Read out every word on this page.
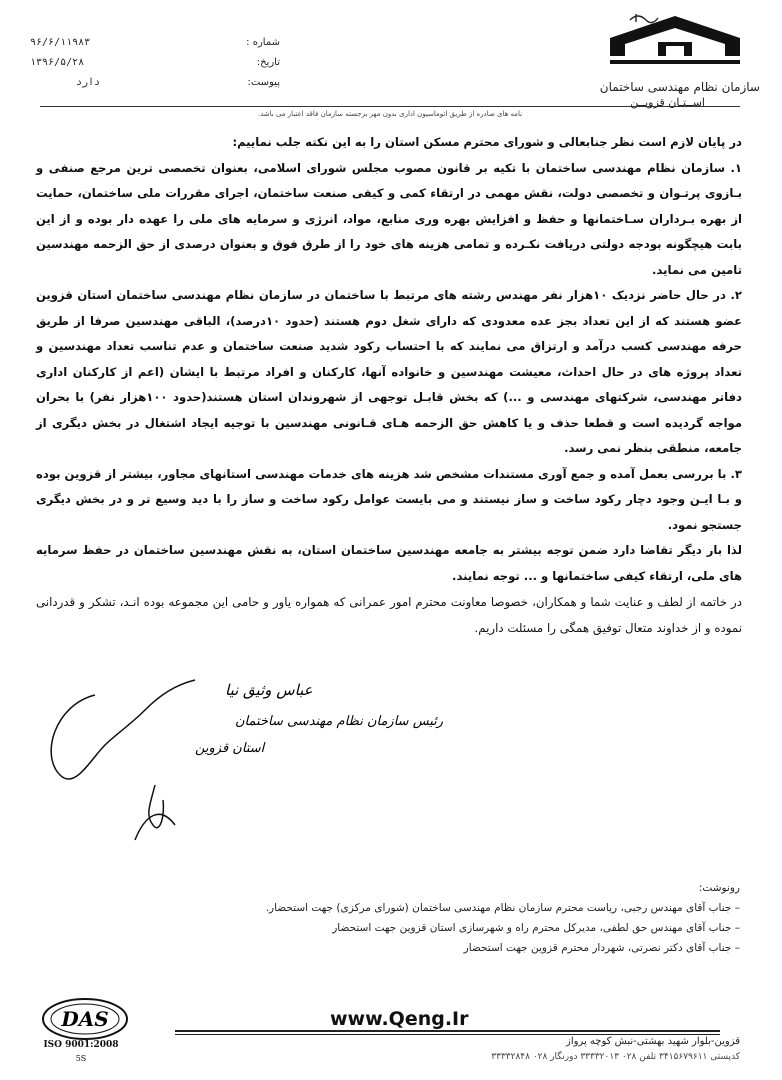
سازمان نظام مهندسی ساختمان
اســتـان قزویــن
شماره :
۹۶/۶/۱۱۹۸۳
تاریخ:
۱۳۹۶/۵/۲۸
پیوست:
دارد
نامه های صادره از طریق اتوماسیون اداری بدون مهر برجسته سازمان فاقد اعتبار می باشد.

در پایان لازم است نظر جنابعالی و شورای محترم مسکن استان را به این نکته جلب نماییم:

۱. سازمان نظام مهندسی ساختمان با تکیه بر قانون مصوب مجلس شورای اسلامی، بعنوان تخصصی ترین مرجع صنفی و بـازوی پرتـوان و تخصصی دولت، نقش مهمی در ارتقاء کمی و کیفی صنعت ساختمان، اجرای مقررات ملی ساختمان، حمایت از بهره بـرداران سـاختمانها و حفظ و افزایش بهره وری منابع، مواد، انرژی و سرمایه های ملی را عهده دار بوده و از این بابت هیچگونه بودجه دولتی دریافت نکـرده و تمامی هزینه های خود را از طرق فوق و بعنوان درصدی از حق الزحمه مهندسین تامین می نماید.

۲. در حال حاضر نزدیک ۱۰هزار نفر مهندس رشته های مرتبط با ساختمان در سازمان نظام مهندسی ساختمان استان قزوین عضو هستند که از این تعداد بجز عده معدودی که دارای شغل دوم هستند (حدود ۱۰درصد)، الباقی مهندسین صرفا از طریق حرفه مهندسی کسب درآمد و ارتزاق می نمایند که با احتساب رکود شدید صنعت ساختمان و عدم تناسب تعداد مهندسین و تعداد پروژه های در حال احداث، معیشت مهندسین و خانواده آنها، کارکنان و افراد مرتبط با ایشان (اعم از کارکنان اداری دفاتر مهندسی، شرکتهای مهندسی و ...) که بخش قابـل توجهی از شهروندان استان هستند(حدود ۱۰۰هزار نفر) با بحران مواجه گردیده است و قطعا حذف و یا کاهش حق الزحمه هـای قـانونی مهندسین با توجیه ایجاد اشتغال در بخش دیگری از جامعه، منطقی بنظر نمی رسد.

۳. با بررسی بعمل آمده و جمع آوری مستندات مشخص شد هزینه های خدمات مهندسی استانهای مجاور، بیشتر از قزوین بوده و بـا ایـن وجود دچار رکود ساخت و ساز نیستند و می بایست عوامل رکود ساخت و ساز را با دید وسیع تر و در بخش دیگری جستجو نمود.

لذا بار دیگر تقاضا دارد ضمن توجه بیشتر به جامعه مهندسین ساختمان استان، به نقش مهندسین ساختمان در حفظ سرمایه های ملی، ارتقاء کیفی ساختمانها و ... توجه نمایند.

در خاتمه از لطف و عنایت شما و همکاران، خصوصا معاونت محترم امور عمرانی که همواره یاور و حامی این مجموعه بوده انـد، تشکر و قدردانی نموده و از خداوند متعال توفیق همگی را مسئلت داریم.

عباس وثیق نیا
رئیس سازمان نظام مهندسی ساختمان
استان قزوین
رونوشت:
– جناب آقای مهندس رجبی، ریاست محترم سازمان نظام مهندسی ساختمان (شورای مرکزی) جهت استحضار.
– جناب آقای مهندس حق لطفی، مدیرکل محترم راه و شهرسازی استان قزوین جهت استحضار
– جناب آقای دکتر نصرتی، شهردار محترم قزوین جهت استحضار
DAS
ISO 9001:2008
5S
www.Qeng.Ir
قزوین-بلوار شهید بهشتی-نبش کوچه پرواز
کدپستی ۳۴۱۵۶۷۹۶۱۱ تلفن ۰۲۸ ۳۳۳۳۲۰۱۳ دورنگار ۰۲۸ ۳۳۳۳۲۸۴۸
